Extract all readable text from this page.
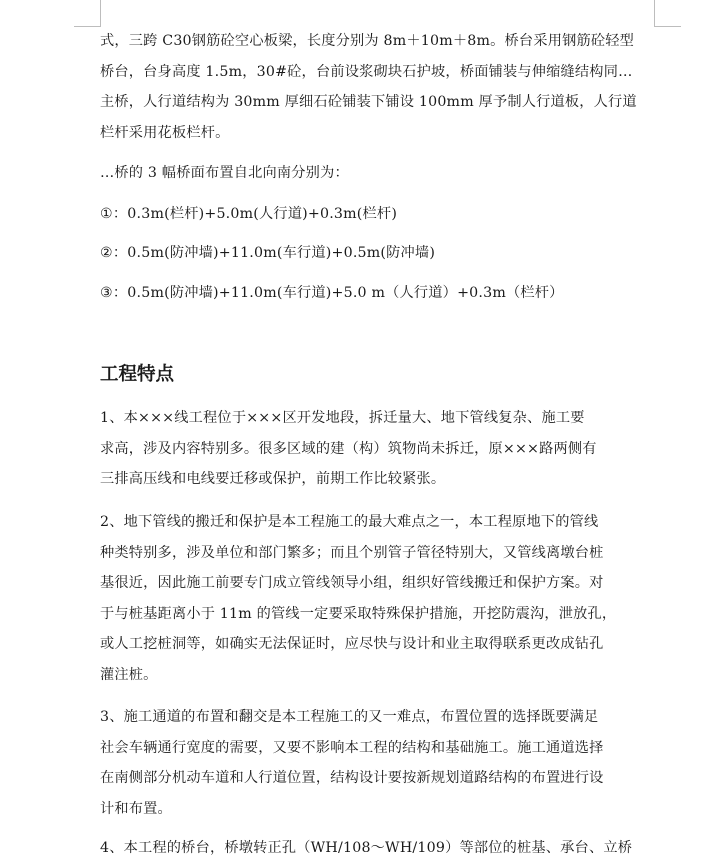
式，三跨 C30钢筋砼空心板梁，长度分别为 8m＋10m＋8m。桥台采用钢筋砼轻型
桥台，台身高度 1.5m，30#砼，台前设浆砌块石护坡，桥面铺装与伸缩缝结构同…
主桥，人行道结构为 30mm 厚细石砼铺装下铺设 100mm 厚予制人行道板，人行道
栏杆采用花板栏杆。

…桥的 3 幅桥面布置自北向南分别为：

①：0.3m(栏杆)+5.0m(人行道)+0.3m(栏杆)

②：0.5m(防冲墙)+11.0m(车行道)+0.5m(防冲墙)

③：0.5m(防冲墙)+11.0m(车行道)+5.0 m（人行道）+0.3m（栏杆）

工程特点

1、本×××线工程位于×××区开发地段，拆迁量大、地下管线复杂、施工要
求高，涉及内容特别多。很多区域的建（构）筑物尚未拆迁，原×××路两侧有
三排高压线和电线要迁移或保护，前期工作比较紧张。

2、地下管线的搬迁和保护是本工程施工的最大难点之一，本工程原地下的管线
种类特别多，涉及单位和部门繁多；而且个别管子管径特别大，又管线离墩台桩
基很近，因此施工前要专门成立管线领导小组，组织好管线搬迁和保护方案。对
于与桩基距离小于 11m 的管线一定要采取特殊保护措施，开挖防震沟，泄放孔，
或人工挖桩洞等，如确实无法保证时，应尽快与设计和业主取得联系更改成钻孔
灌注桩。

3、施工通道的布置和翻交是本工程施工的又一难点，布置位置的选择既要满足
社会车辆通行宽度的需要，又要不影响本工程的结构和基础施工。施工通道选择
在南侧部分机动车道和人行道位置，结构设计要按新规划道路结构的布置进行设
计和布置。

4、本工程的桥台，桥墩转正孔（WH/108～WH/109）等部位的桩基、承台、立桥
